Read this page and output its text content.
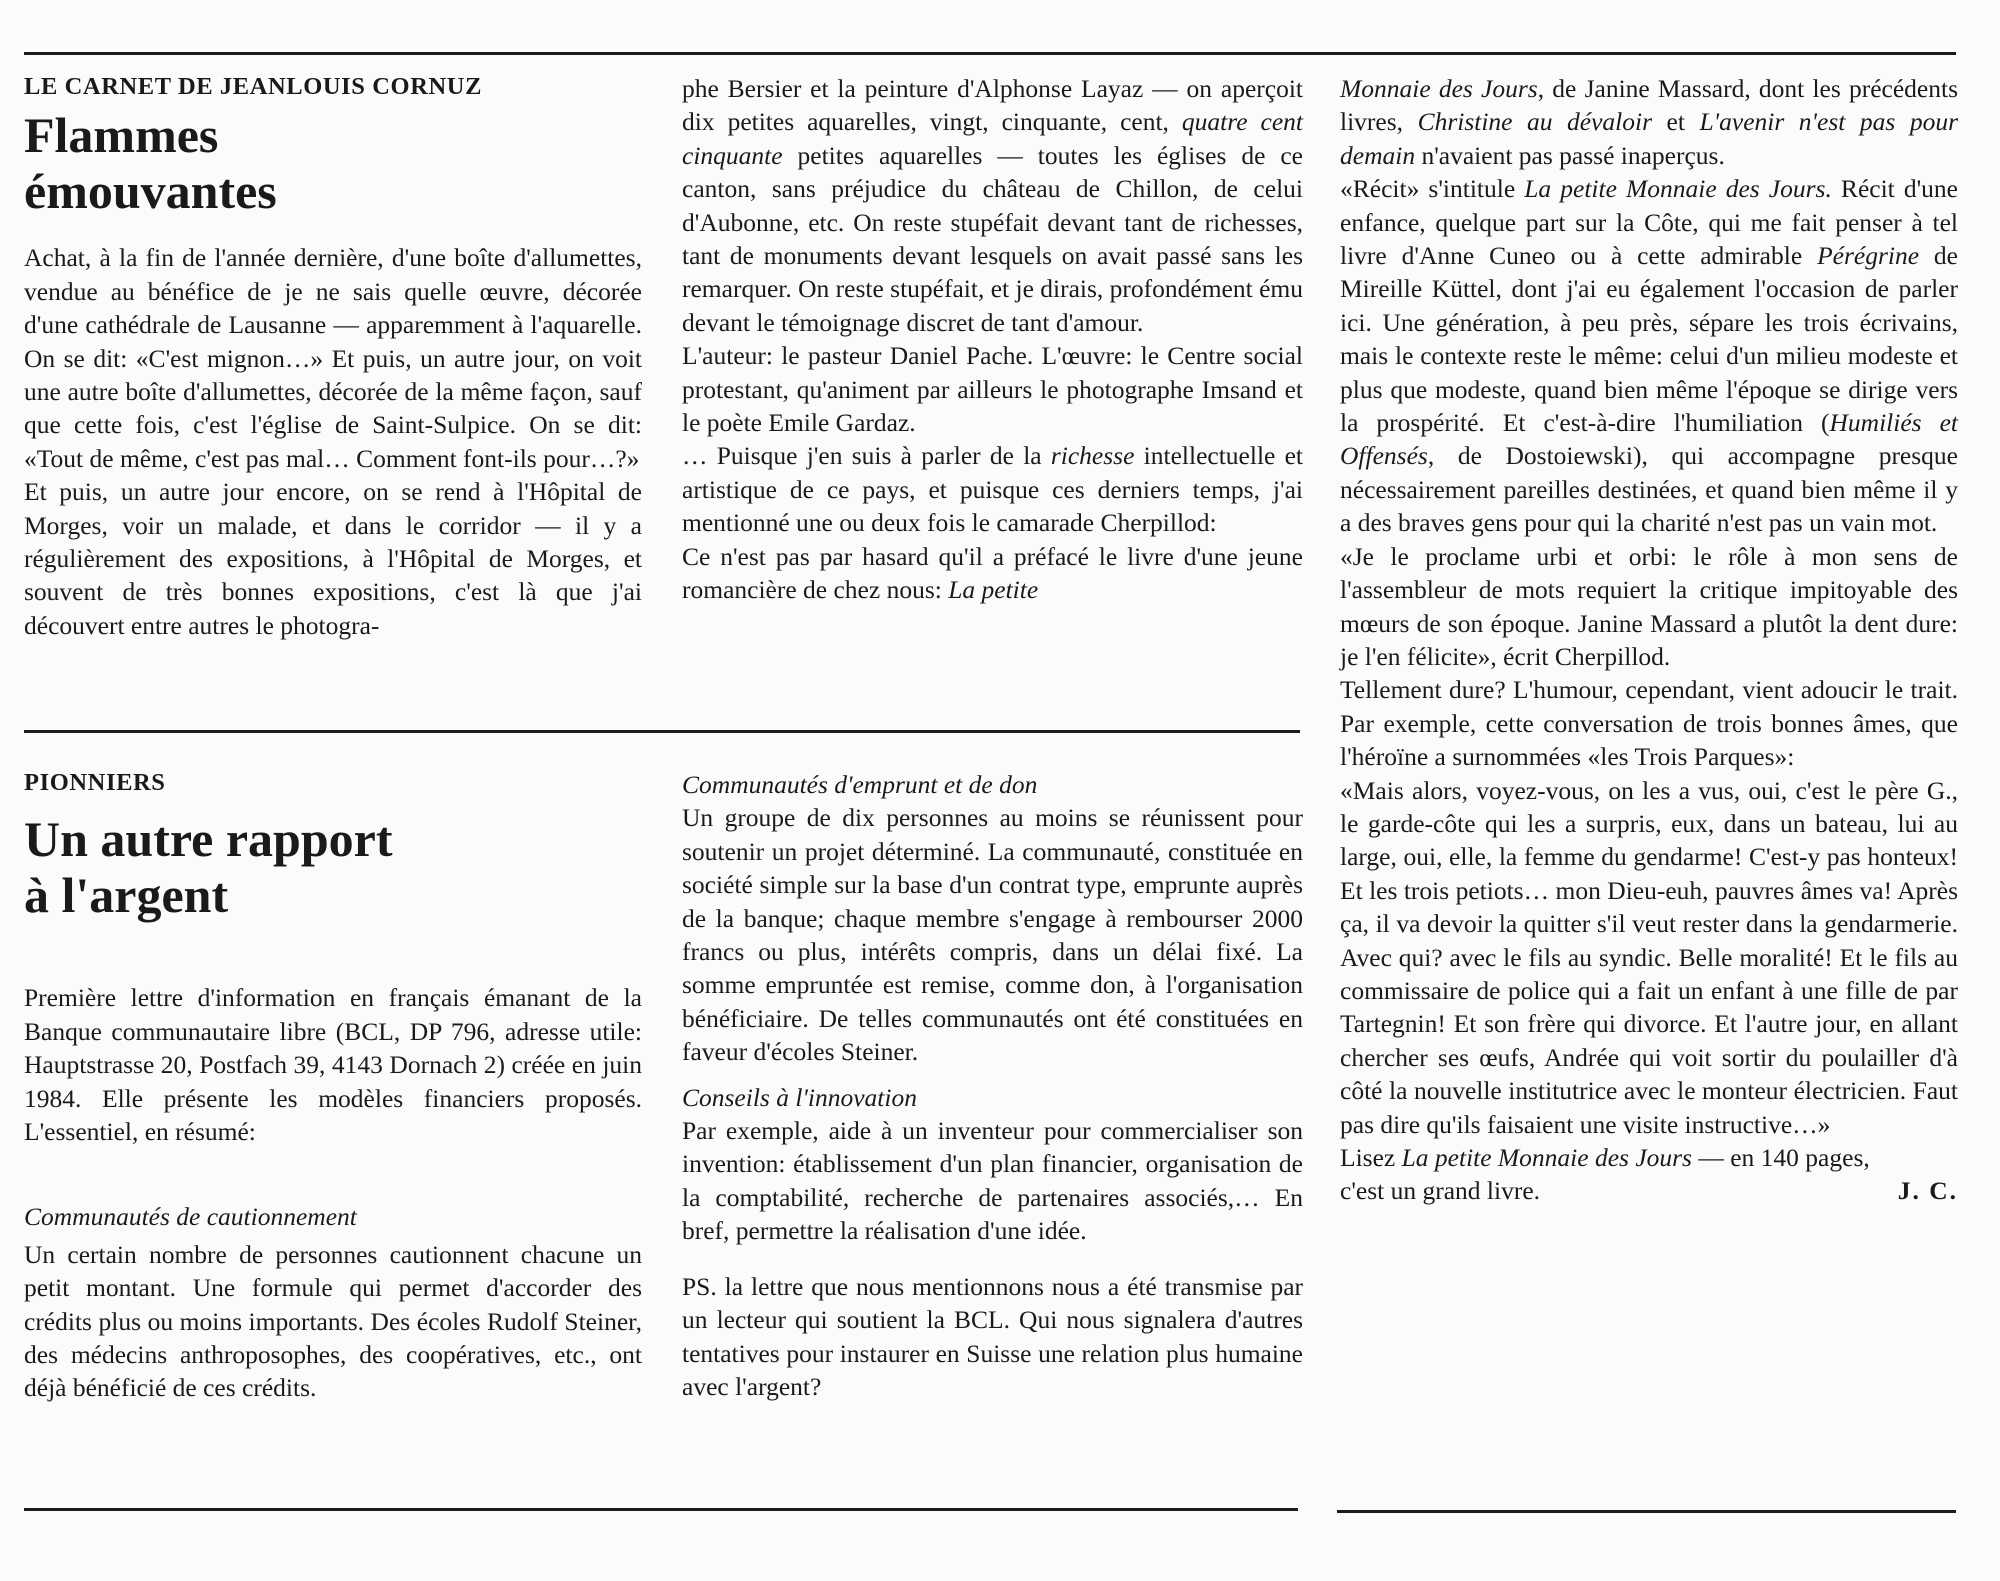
LE CARNET DE JEANLOUIS CORNUZ

Flammes
émouvantes

Achat, à la fin de l'année dernière, d'une boîte d'allumettes, vendue au bénéfice de je ne sais quelle œuvre, décorée d'une cathédrale de Lausanne — apparemment à l'aquarelle. On se dit: «C'est mignon…» Et puis, un autre jour, on voit une autre boîte d'allumettes, décorée de la même façon, sauf que cette fois, c'est l'église de Saint-Sulpice. On se dit: «Tout de même, c'est pas mal… Comment font-ils pour…?»

Et puis, un autre jour encore, on se rend à l'Hôpital de Morges, voir un malade, et dans le corridor — il y a régulièrement des expositions, à l'Hôpital de Morges, et souvent de très bonnes expositions, c'est là que j'ai découvert entre autres le photogra-

phe Bersier et la peinture d'Alphonse Layaz — on aperçoit dix petites aquarelles, vingt, cinquante, cent, quatre cent cinquante petites aquarelles — toutes les églises de ce canton, sans préjudice du château de Chillon, de celui d'Aubonne, etc. On reste stupéfait devant tant de richesses, tant de monuments devant lesquels on avait passé sans les remarquer. On reste stupéfait, et je dirais, profondément ému devant le témoignage discret de tant d'amour.

L'auteur: le pasteur Daniel Pache. L'œuvre: le Centre social protestant, qu'animent par ailleurs le photographe Imsand et le poète Emile Gardaz.

… Puisque j'en suis à parler de la richesse intellectuelle et artistique de ce pays, et puisque ces derniers temps, j'ai mentionné une ou deux fois le camarade Cherpillod:

Ce n'est pas par hasard qu'il a préfacé le livre d'une jeune romancière de chez nous: La petite

Monnaie des Jours, de Janine Massard, dont les précédents livres, Christine au dévaloir et L'avenir n'est pas pour demain n'avaient pas passé inaperçus.

«Récit» s'intitule La petite Monnaie des Jours. Récit d'une enfance, quelque part sur la Côte, qui me fait penser à tel livre d'Anne Cuneo ou à cette admirable Pérégrine de Mireille Küttel, dont j'ai eu également l'occasion de parler ici. Une génération, à peu près, sépare les trois écrivains, mais le contexte reste le même: celui d'un milieu modeste et plus que modeste, quand bien même l'époque se dirige vers la prospérité. Et c'est-à-dire l'humiliation (Humiliés et Offensés, de Dostoiewski), qui accompagne presque nécessairement pareilles destinées, et quand bien même il y a des braves gens pour qui la charité n'est pas un vain mot.

«Je le proclame urbi et orbi: le rôle à mon sens de l'assembleur de mots requiert la critique impitoyable des mœurs de son époque. Janine Massard a plutôt la dent dure: je l'en félicite», écrit Cherpillod.

Tellement dure? L'humour, cependant, vient adoucir le trait. Par exemple, cette conversation de trois bonnes âmes, que l'héroïne a surnommées «les Trois Parques»:

«Mais alors, voyez-vous, on les a vus, oui, c'est le père G., le garde-côte qui les a surpris, eux, dans un bateau, lui au large, oui, elle, la femme du gendarme! C'est-y pas honteux! Et les trois petiots… mon Dieu-euh, pauvres âmes va! Après ça, il va devoir la quitter s'il veut rester dans la gendarmerie. Avec qui? avec le fils au syndic. Belle moralité! Et le fils au commissaire de police qui a fait un enfant à une fille de par Tartegnin! Et son frère qui divorce. Et l'autre jour, en allant chercher ses œufs, Andrée qui voit sortir du poulailler d'à côté la nouvelle institutrice avec le monteur électricien. Faut pas dire qu'ils faisaient une visite instructive…»

Lisez La petite Monnaie des Jours — en 140 pages,

c'est un grand livre.	J. C.

PIONNIERS

Un autre rapport
à l'argent

Première lettre d'information en français émanant de la Banque communautaire libre (BCL, DP 796, adresse utile: Hauptstrasse 20, Postfach 39, 4143 Dornach 2) créée en juin 1984. Elle présente les modèles financiers proposés. L'essentiel, en résumé:

Communautés de cautionnement

Un certain nombre de personnes cautionnent chacune un petit montant. Une formule qui permet d'accorder des crédits plus ou moins importants. Des écoles Rudolf Steiner, des médecins anthroposophes, des coopératives, etc., ont déjà bénéficié de ces crédits.

Communautés d'emprunt et de don

Un groupe de dix personnes au moins se réunissent pour soutenir un projet déterminé. La communauté, constituée en société simple sur la base d'un contrat type, emprunte auprès de la banque; chaque membre s'engage à rembourser 2000 francs ou plus, intérêts compris, dans un délai fixé. La somme empruntée est remise, comme don, à l'organisation bénéficiaire. De telles communautés ont été constituées en faveur d'écoles Steiner.

Conseils à l'innovation

Par exemple, aide à un inventeur pour commercialiser son invention: établissement d'un plan financier, organisation de la comptabilité, recherche de partenaires associés,… En bref, permettre la réalisation d'une idée.

PS. la lettre que nous mentionnons nous a été transmise par un lecteur qui soutient la BCL. Qui nous signalera d'autres tentatives pour instaurer en Suisse une relation plus humaine avec l'argent?
